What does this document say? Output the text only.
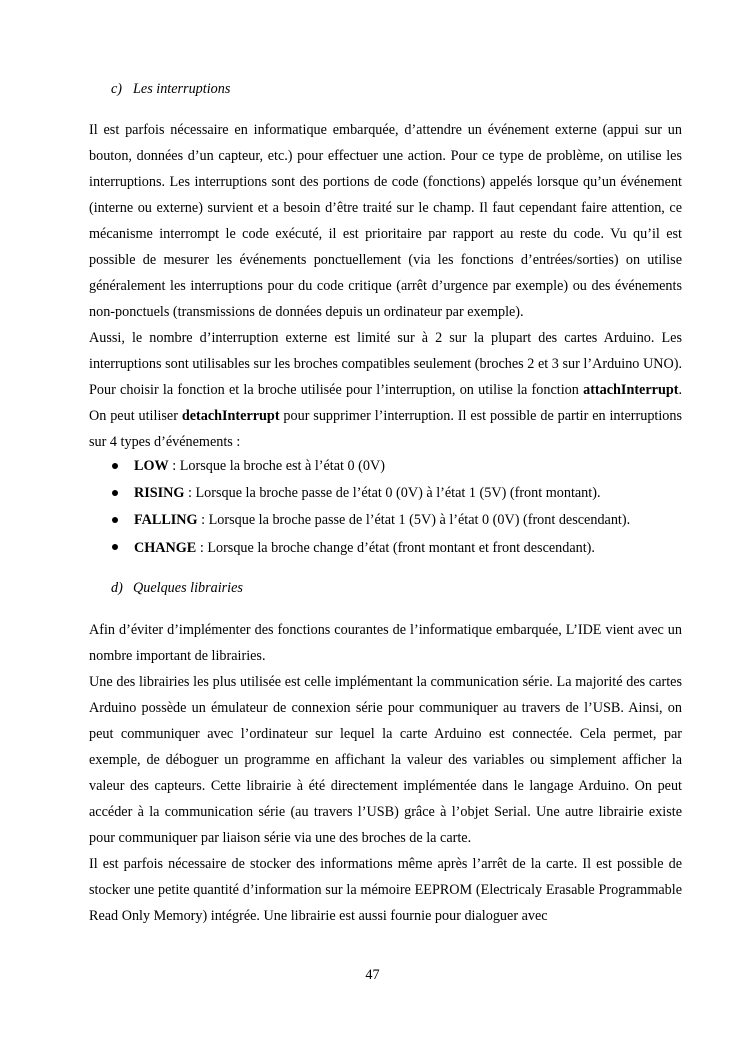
c) Les interruptions

Il est parfois nécessaire en informatique embarquée, d’attendre un événement externe (appui sur un bouton, données d’un capteur, etc.) pour effectuer une action. Pour ce type de problème, on utilise les interruptions. Les interruptions sont des portions de code (fonctions) appelés lorsque qu’un événement (interne ou externe) survient et a besoin d’être traité sur le champ. Il faut cependant faire attention, ce mécanisme interrompt le code exécuté, il est prioritaire par rapport au reste du code. Vu qu’il est possible de mesurer les événements ponctuellement (via les fonctions d’entrées/sorties) on utilise généralement les interruptions pour du code critique (arrêt d’urgence par exemple) ou des événements non-ponctuels (transmissions de données depuis un ordinateur par exemple).

Aussi, le nombre d’interruption externe est limité sur à 2 sur la plupart des cartes Arduino. Les interruptions sont utilisables sur les broches compatibles seulement (broches 2 et 3 sur l’Arduino UNO). Pour choisir la fonction et la broche utilisée pour l’interruption, on utilise la fonction attachInterrupt. On peut utiliser detachInterrupt pour supprimer l’interruption. Il est possible de partir en interruptions sur 4 types d’événements :

LOW : Lorsque la broche est à l’état 0 (0V)
RISING : Lorsque la broche passe de l’état 0 (0V) à l’état 1 (5V) (front montant).
FALLING : Lorsque la broche passe de l’état 1 (5V) à l’état 0 (0V) (front descendant).
CHANGE : Lorsque la broche change d’état (front montant et front descendant).
d) Quelques librairies

Afin d’éviter d’implémenter des fonctions courantes de l’informatique embarquée, L’IDE vient avec un nombre important de librairies.

Une des librairies les plus utilisée est celle implémentant la communication série. La majorité des cartes Arduino possède un émulateur de connexion série pour communiquer au travers de l’USB. Ainsi, on peut communiquer avec l’ordinateur sur lequel la carte Arduino est connectée. Cela permet, par exemple, de déboguer un programme en affichant la valeur des variables ou simplement afficher la valeur des capteurs. Cette librairie à été directement implémentée dans le langage Arduino. On peut accéder à la communication série (au travers l’USB) grâce à l’objet Serial. Une autre librairie existe pour communiquer par liaison série via une des broches de la carte.

Il est parfois nécessaire de stocker des informations même après l’arrêt de la carte. Il est possible de stocker une petite quantité d’information sur la mémoire EEPROM (Electricaly Erasable Programmable Read Only Memory) intégrée. Une librairie est aussi fournie pour dialoguer avec

47
